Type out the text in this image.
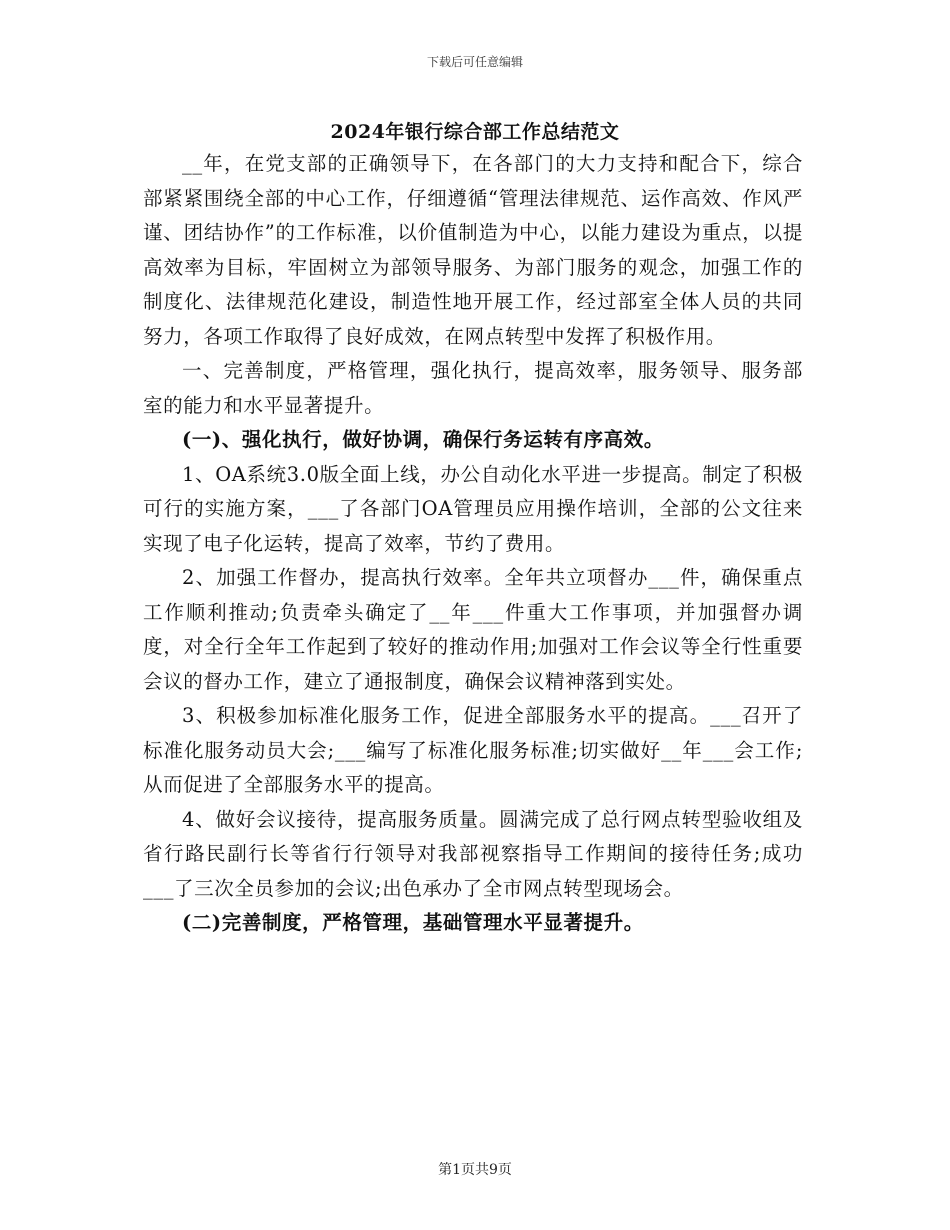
下载后可任意编辑
2024年银行综合部工作总结范文

__年，在党支部的正确领导下，在各部门的大力支持和配合下，综合部紧紧围绕全部的中心工作，仔细遵循“管理法律规范、运作高效、作风严谨、团结协作”的工作标准，以价值制造为中心，以能力建设为重点，以提高效率为目标，牢固树立为部领导服务、为部门服务的观念，加强工作的制度化、法律规范化建设，制造性地开展工作，经过部室全体人员的共同努力，各项工作取得了良好成效，在网点转型中发挥了积极作用。

一、完善制度，严格管理，强化执行，提高效率，服务领导、服务部室的能力和水平显著提升。

(一)、强化执行，做好协调，确保行务运转有序高效。

1、OA系统3.0版全面上线，办公自动化水平进一步提高。制定了积极可行的实施方案，___了各部门OA管理员应用操作培训，全部的公文往来实现了电子化运转，提高了效率，节约了费用。

2、加强工作督办，提高执行效率。全年共立项督办___件，确保重点工作顺利推动;负责牵头确定了__年___件重大工作事项，并加强督办调度，对全行全年工作起到了较好的推动作用;加强对工作会议等全行性重要会议的督办工作，建立了通报制度，确保会议精神落到实处。

3、积极参加标准化服务工作，促进全部服务水平的提高。___召开了标准化服务动员大会;___编写了标准化服务标准;切实做好__年___会工作;从而促进了全部服务水平的提高。

4、做好会议接待，提高服务质量。圆满完成了总行网点转型验收组及省行路民副行长等省行行领导对我部视察指导工作期间的接待任务;成功___了三次全员参加的会议;出色承办了全市网点转型现场会。

(二)完善制度，严格管理，基础管理水平显著提升。

第1页共9页
